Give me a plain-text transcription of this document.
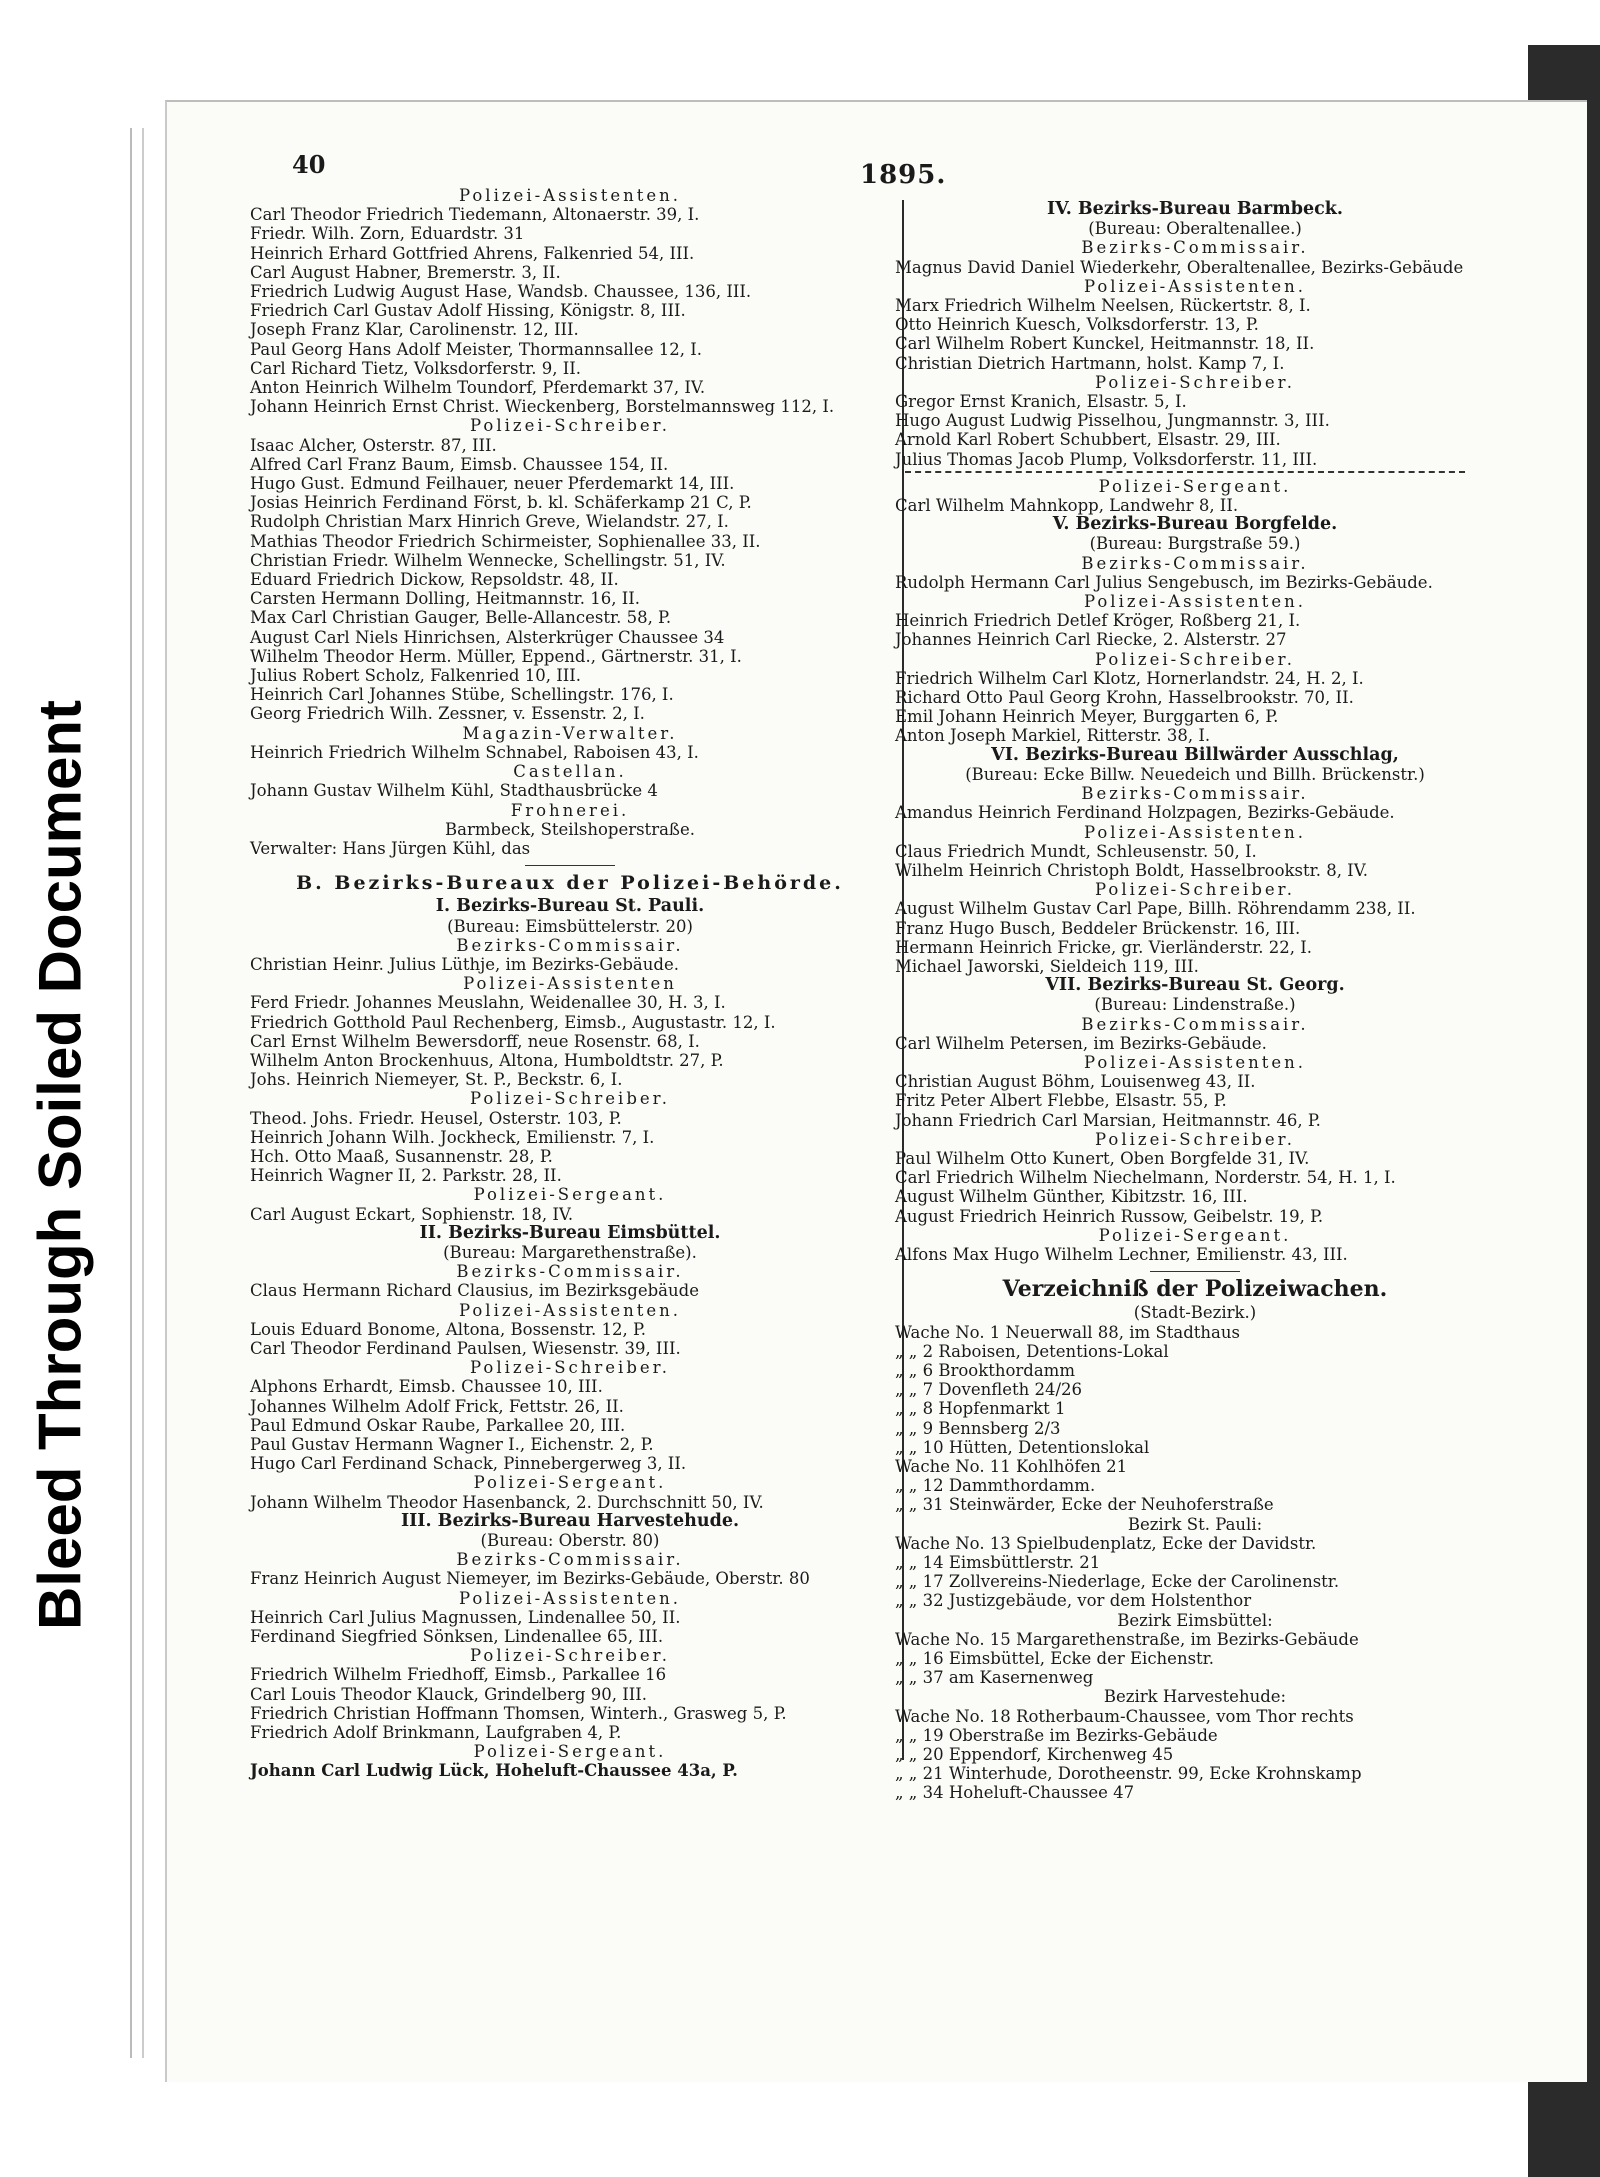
Bleed Through Soiled Document
40	1895.
Polizei-Assistenten.
Carl Theodor Friedrich Tiedemann, Altonaerstr. 39, I.
Friedr. Wilh. Zorn, Eduardstr. 31
Heinrich Erhard Gottfried Ahrens, Falkenried 54, III.
Carl August Habner, Bremerstr. 3, II.
Friedrich Ludwig August Hase, Wandsb. Chaussee, 136, III.
Friedrich Carl Gustav Adolf Hissing, Königstr. 8, III.
Joseph Franz Klar, Carolinenstr. 12, III.
Paul Georg Hans Adolf Meister, Thormannsallee 12, I.
Carl Richard Tietz, Volksdorferstr. 9, II.
Anton Heinrich Wilhelm Toundorf, Pferdemarkt 37, IV.
Johann Heinrich Ernst Christ. Wieckenberg, Borstelmannsweg 112, I.
Polizei-Schreiber.
Isaac Alcher, Osterstr. 87, III.
Alfred Carl Franz Baum, Eimsb. Chaussee 154, II.
Hugo Gust. Edmund Feilhauer, neuer Pferdemarkt 14, III.
Josias Heinrich Ferdinand Först, b. kl. Schäferkamp 21 C, P.
Rudolph Christian Marx Hinrich Greve, Wielandstr. 27, I.
Mathias Theodor Friedrich Schirmeister, Sophienallee 33, II.
Christian Friedr. Wilhelm Wennecke, Schellingstr. 51, IV.
Eduard Friedrich Dickow, Repsoldstr. 48, II.
Carsten Hermann Dolling, Heitmannstr. 16, II.
Max Carl Christian Gauger, Belle-Allancestr. 58, P.
August Carl Niels Hinrichsen, Alsterkrüger Chaussee 34
Wilhelm Theodor Herm. Müller, Eppend., Gärtnerstr. 31, I.
Julius Robert Scholz, Falkenried 10, III.
Heinrich Carl Johannes Stübe, Schellingstr. 176, I.
Georg Friedrich Wilh. Zessner, v. Essenstr. 2, I.
Magazin-Verwalter.
Heinrich Friedrich Wilhelm Schnabel, Raboisen 43, I.
Castellan.
Johann Gustav Wilhelm Kühl, Stadthausbrücke 4
Frohnerei.
Barmbeck, Steilshoperstraße.
Verwalter: Hans Jürgen Kühl, das
B. Bezirks-Bureaux der Polizei-Behörde.
I. Bezirks-Bureau St. Pauli.
(Bureau: Eimsbüttelerstr. 20)
Bezirks-Commissair.
Christian Heinr. Julius Lüthje, im Bezirks-Gebäude.
Polizei-Assistenten
Ferd Friedr. Johannes Meuslahn, Weidenallee 30, H. 3, I.
Friedrich Gotthold Paul Rechenberg, Eimsb., Augustastr. 12, I.
Carl Ernst Wilhelm Bewersdorff, neue Rosenstr. 68, I.
Wilhelm Anton Brockenhuus, Altona, Humboldtstr. 27, P.
Johs. Heinrich Niemeyer, St. P., Beckstr. 6, I.
Polizei-Schreiber.
Theod. Johs. Friedr. Heusel, Osterstr. 103, P.
Heinrich Johann Wilh. Jockheck, Emilienstr. 7, I.
Hch. Otto Maaß, Susannenstr. 28, P.
Heinrich Wagner II, 2. Parkstr. 28, II.
Polizei-Sergeant.
Carl August Eckart, Sophienstr. 18, IV.
II. Bezirks-Bureau Eimsbüttel.
(Bureau: Margarethenstraße).
Bezirks-Commissair.
Claus Hermann Richard Clausius, im Bezirksgebäude
Polizei-Assistenten.
Louis Eduard Bonome, Altona, Bossenstr. 12, P.
Carl Theodor Ferdinand Paulsen, Wiesenstr. 39, III.
Polizei-Schreiber.
Alphons Erhardt, Eimsb. Chaussee 10, III.
Johannes Wilhelm Adolf Frick, Fettstr. 26, II.
Paul Edmund Oskar Raube, Parkallee 20, III.
Paul Gustav Hermann Wagner I., Eichenstr. 2, P.
Hugo Carl Ferdinand Schack, Pinnebergerweg 3, II.
Polizei-Sergeant.
Johann Wilhelm Theodor Hasenbanck, 2. Durchschnitt 50, IV.
III. Bezirks-Bureau Harvestehude.
(Bureau: Oberstr. 80)
Bezirks-Commissair.
Franz Heinrich August Niemeyer, im Bezirks-Gebäude, Oberstr. 80
Polizei-Assistenten.
Heinrich Carl Julius Magnussen, Lindenallee 50, II.
Ferdinand Siegfried Sönksen, Lindenallee 65, III.
Polizei-Schreiber.
Friedrich Wilhelm Friedhoff, Eimsb., Parkallee 16
Carl Louis Theodor Klauck, Grindelberg 90, III.
Friedrich Christian Hoffmann Thomsen, Winterh., Grasweg 5, P.
Friedrich Adolf Brinkmann, Laufgraben 4, P.
Polizei-Sergeant.
Johann Carl Ludwig Lück, Hoheluft-Chaussee 43a, P.
IV. Bezirks-Bureau Barmbeck.
(Bureau: Oberaltenallee.)
Bezirks-Commissair.
Magnus David Daniel Wiederkehr, Oberaltenallee, Bezirks-Gebäude
Polizei-Assistenten.
Marx Friedrich Wilhelm Neelsen, Rückertstr. 8, I.
Otto Heinrich Kuesch, Volksdorferstr. 13, P.
Carl Wilhelm Robert Kunckel, Heitmannstr. 18, II.
Christian Dietrich Hartmann, holst. Kamp 7, I.
Polizei-Schreiber.
Gregor Ernst Kranich, Elsastr. 5, I.
Hugo August Ludwig Pisselhou, Jungmannstr. 3, III.
Arnold Karl Robert Schubbert, Elsastr. 29, III.
Julius Thomas Jacob Plump, Volksdorferstr. 11, III.
Polizei-Sergeant.
Carl Wilhelm Mahnkopp, Landwehr 8, II.
V. Bezirks-Bureau Borgfelde.
(Bureau: Burgstraße 59.)
Bezirks-Commissair.
Rudolph Hermann Carl Julius Sengebusch, im Bezirks-Gebäude.
Polizei-Assistenten.
Heinrich Friedrich Detlef Kröger, Roßberg 21, I.
Johannes Heinrich Carl Riecke, 2. Alsterstr. 27
Polizei-Schreiber.
Friedrich Wilhelm Carl Klotz, Hornerlandstr. 24, H. 2, I.
Richard Otto Paul Georg Krohn, Hasselbrookstr. 70, II.
Emil Johann Heinrich Meyer, Burggarten 6, P.
Anton Joseph Markiel, Ritterstr. 38, I.
VI. Bezirks-Bureau Billwärder Ausschlag,
(Bureau: Ecke Billw. Neuedeich und Billh. Brückenstr.)
Bezirks-Commissair.
Amandus Heinrich Ferdinand Holzpagen, Bezirks-Gebäude.
Polizei-Assistenten.
Claus Friedrich Mundt, Schleusenstr. 50, I.
Wilhelm Heinrich Christoph Boldt, Hasselbrookstr. 8, IV.
Polizei-Schreiber.
August Wilhelm Gustav Carl Pape, Billh. Röhrendamm 238, II.
Franz Hugo Busch, Beddeler Brückenstr. 16, III.
Hermann Heinrich Fricke, gr. Vierländerstr. 22, I.
Michael Jaworski, Sieldeich 119, III.
VII. Bezirks-Bureau St. Georg.
(Bureau: Lindenstraße.)
Bezirks-Commissair.
Carl Wilhelm Petersen, im Bezirks-Gebäude.
Polizei-Assistenten.
Christian August Böhm, Louisenweg 43, II.
Fritz Peter Albert Flebbe, Elsastr. 55, P.
Johann Friedrich Carl Marsian, Heitmannstr. 46, P.
Polizei-Schreiber.
Paul Wilhelm Otto Kunert, Oben Borgfelde 31, IV.
Carl Friedrich Wilhelm Niechelmann, Norderstr. 54, H. 1, I.
August Wilhelm Günther, Kibitzstr. 16, III.
August Friedrich Heinrich Russow, Geibelstr. 19, P.
Polizei-Sergeant.
Alfons Max Hugo Wilhelm Lechner, Emilienstr. 43, III.
Verzeichniß der Polizeiwachen.
(Stadt-Bezirk.)
Wache No. 1 Neuerwall 88, im Stadthaus
„ „ 2 Raboisen, Detentions-Lokal
„ „ 6 Brookthordamm
„ „ 7 Dovenfleth 24/26
„ „ 8 Hopfenmarkt 1
„ „ 9 Bennsberg 2/3
„ „ 10 Hütten, Detentionslokal
Wache No. 11 Kohlhöfen 21
„ „ 12 Dammthordamm.
„ „ 31 Steinwärder, Ecke der Neuhoferstraße
Bezirk St. Pauli:
Wache No. 13 Spielbudenplatz, Ecke der Davidstr.
„ „ 14 Eimsbüttlerstr. 21
„ „ 17 Zollvereins-Niederlage, Ecke der Carolinenstr.
„ „ 32 Justizgebäude, vor dem Holstenthor
Bezirk Eimsbüttel:
Wache No. 15 Margarethenstraße, im Bezirks-Gebäude
„ „ 16 Eimsbüttel, Ecke der Eichenstr.
„ „ 37 am Kasernenweg
Bezirk Harvestehude:
Wache No. 18 Rotherbaum-Chaussee, vom Thor rechts
„ „ 19 Oberstraße im Bezirks-Gebäude
„ „ 20 Eppendorf, Kirchenweg 45
„ „ 21 Winterhude, Dorotheenstr. 99, Ecke Krohnskamp
„ „ 34 Hoheluft-Chaussee 47
